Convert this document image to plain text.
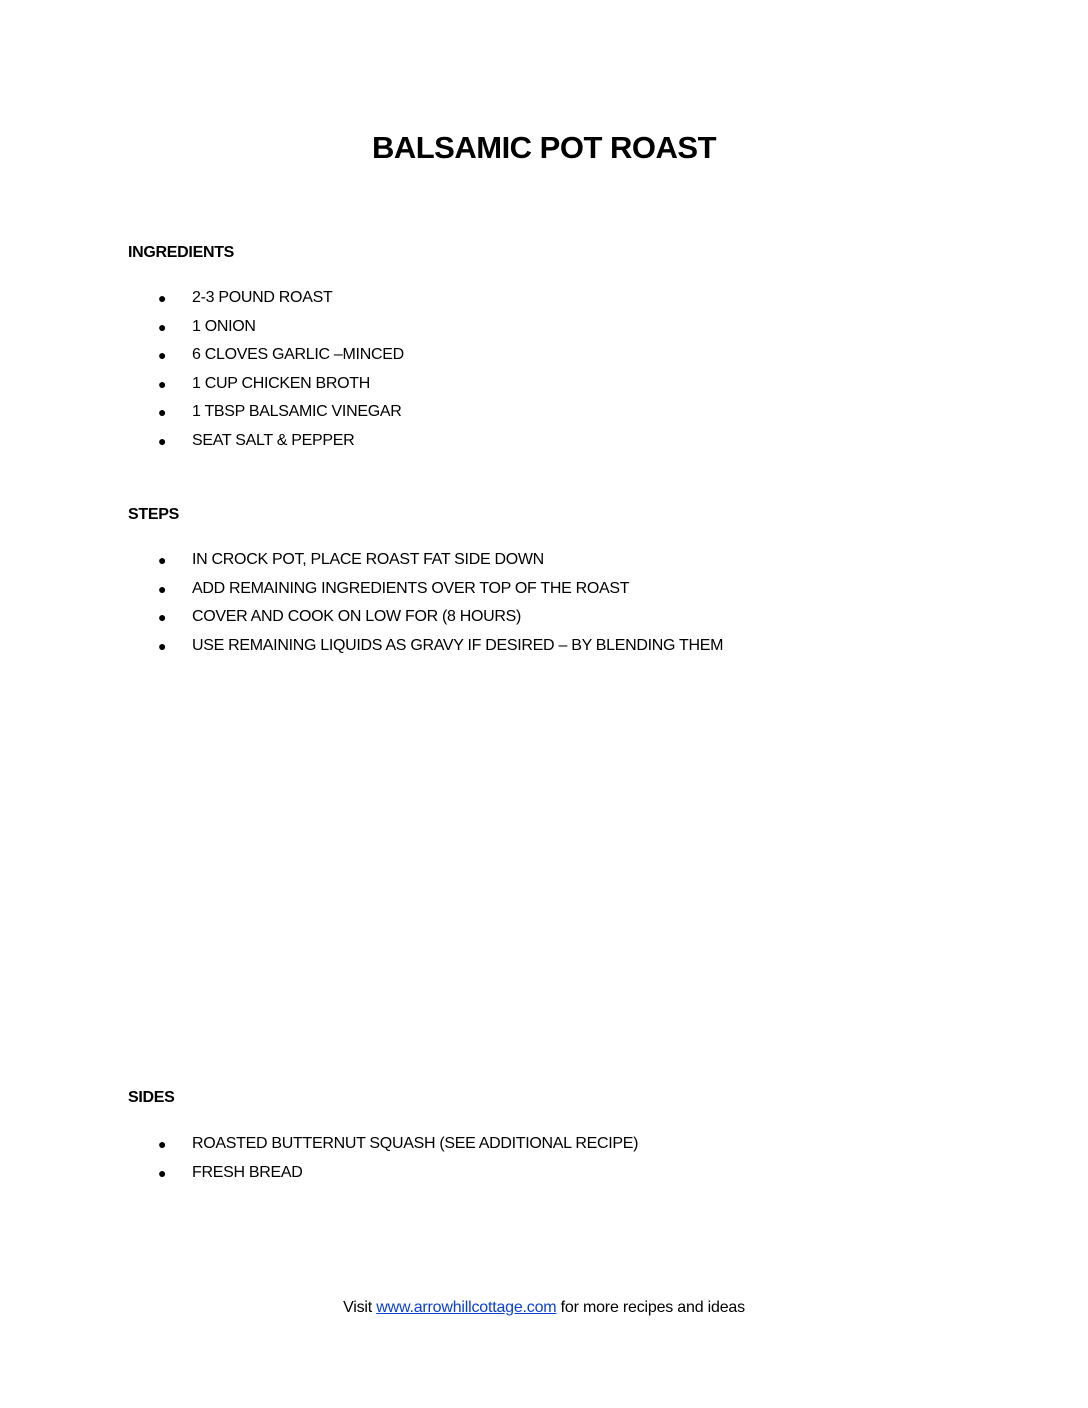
BALSAMIC POT ROAST
INGREDIENTS
● 2-3 POUND ROAST
● 1 ONION
● 6 CLOVES GARLIC –MINCED
● 1 CUP CHICKEN BROTH
● 1 TBSP BALSAMIC VINEGAR
● SEAT SALT & PEPPER
STEPS
● IN CROCK POT, PLACE ROAST FAT SIDE DOWN
● ADD REMAINING INGREDIENTS OVER TOP OF THE ROAST
● COVER AND COOK ON LOW FOR (8 HOURS)
● USE REMAINING LIQUIDS AS GRAVY IF DESIRED – BY BLENDING THEM
SIDES
● ROASTED BUTTERNUT SQUASH (SEE ADDITIONAL RECIPE)
● FRESH BREAD
Visit www.arrowhillcottage.com for more recipes and ideas
